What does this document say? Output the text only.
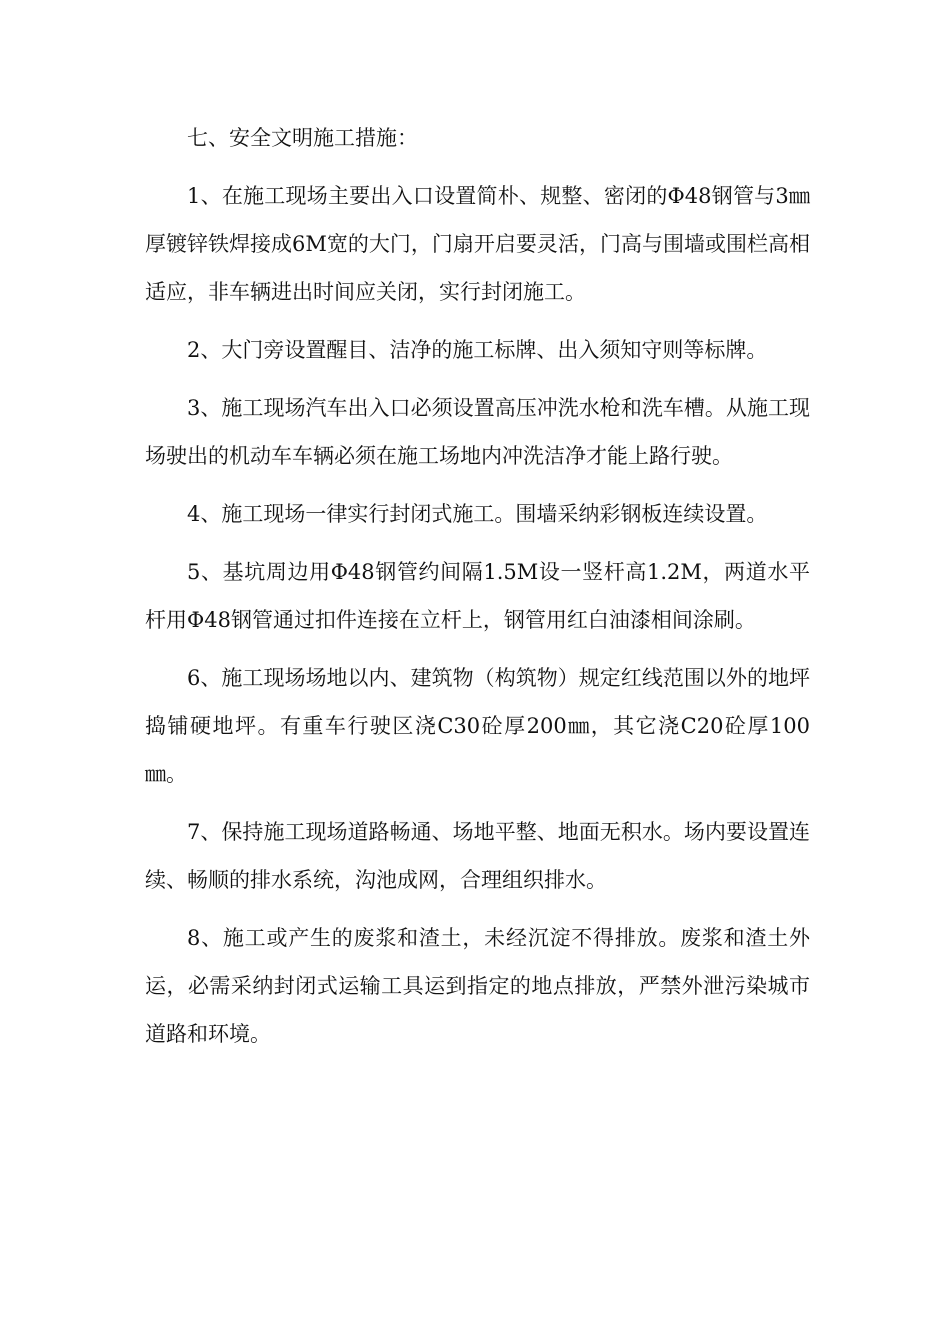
七、安全文明施工措施：

1、在施工现场主要出入口设置简朴、规整、密闭的Φ48钢管与3㎜厚镀锌铁焊接成6M宽的大门，门扇开启要灵活，门高与围墙或围栏高相适应，非车辆进出时间应关闭，实行封闭施工。

2、大门旁设置醒目、洁净的施工标牌、出入须知守则等标牌。

3、施工现场汽车出入口必须设置高压冲洗水枪和洗车槽。从施工现场驶出的机动车车辆必须在施工场地内冲洗洁净才能上路行驶。

4、施工现场一律实行封闭式施工。围墙采纳彩钢板连续设置。

5、基坑周边用Φ48钢管约间隔1.5M设一竖杆高1.2M，两道水平杆用Φ48钢管通过扣件连接在立杆上，钢管用红白油漆相间涂刷。

6、施工现场场地以内、建筑物（构筑物）规定红线范围以外的地坪捣铺硬地坪。有重车行驶区浇C30砼厚200㎜，其它浇C20砼厚100㎜。

7、保持施工现场道路畅通、场地平整、地面无积水。场内要设置连续、畅顺的排水系统，沟池成网，合理组织排水。

8、施工或产生的废浆和渣土，未经沉淀不得排放。废浆和渣土外运，必需采纳封闭式运输工具运到指定的地点排放，严禁外泄污染城市道路和环境。
